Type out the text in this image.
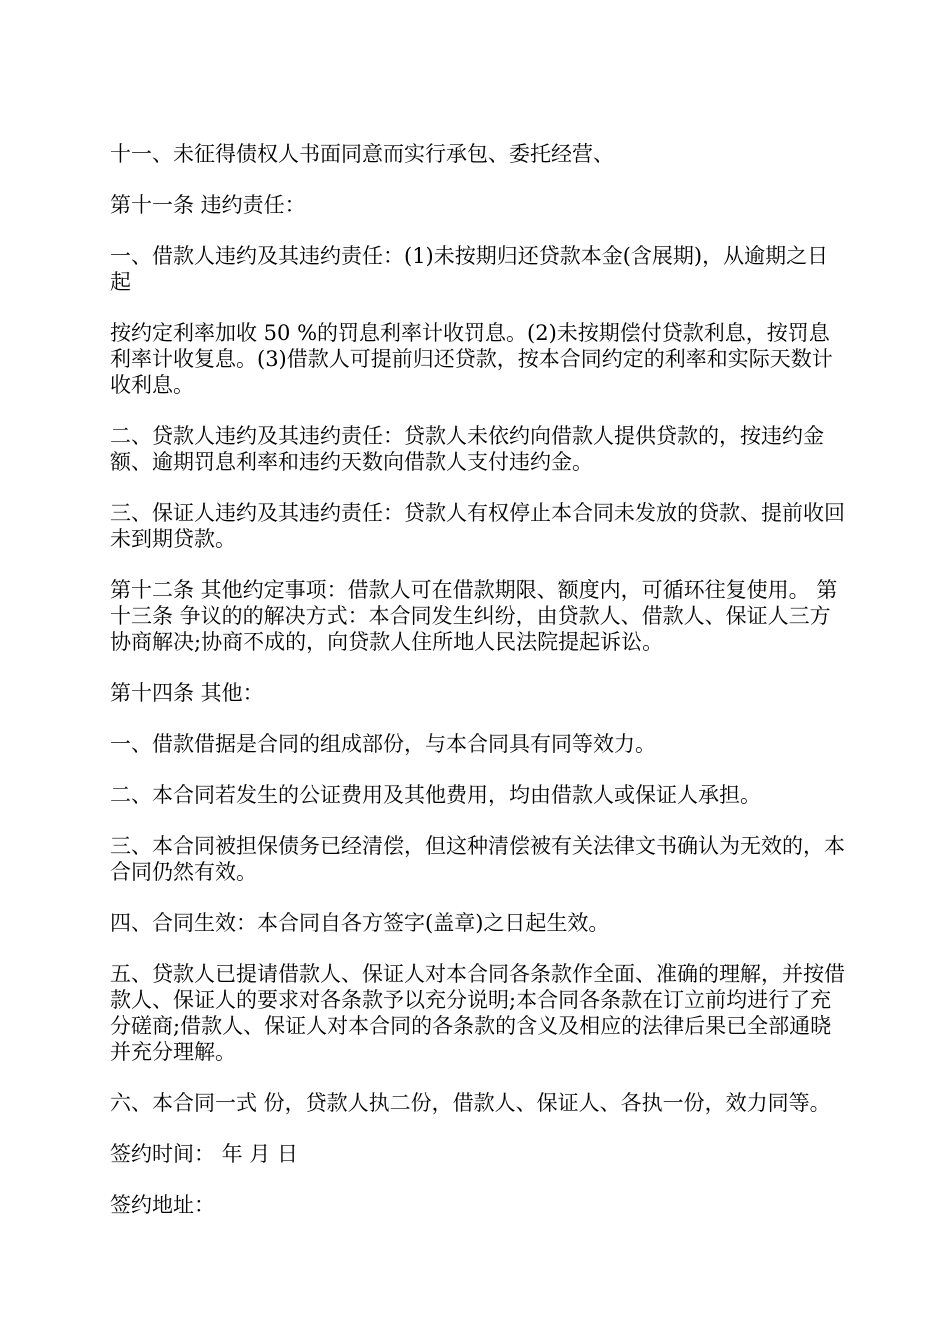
十一、未征得债权人书面同意而实行承包、委托经营、

第十一条 违约责任：

一、借款人违约及其违约责任：(1)未按期归还贷款本金(含展期)，从逾期之日起

按约定利率加收 50 %的罚息利率计收罚息。(2)未按期偿付贷款利息，按罚息利率计收复息。(3)借款人可提前归还贷款，按本合同约定的利率和实际天数计收利息。

二、贷款人违约及其违约责任：贷款人未依约向借款人提供贷款的，按违约金额、逾期罚息利率和违约天数向借款人支付违约金。

三、保证人违约及其违约责任：贷款人有权停止本合同未发放的贷款、提前收回未到期贷款。

第十二条 其他约定事项：借款人可在借款期限、额度内，可循环往复使用。 第十三条 争议的的解决方式：本合同发生纠纷，由贷款人、借款人、保证人三方协商解决;协商不成的，向贷款人住所地人民法院提起诉讼。

第十四条 其他：

一、借款借据是合同的组成部份，与本合同具有同等效力。

二、本合同若发生的公证费用及其他费用，均由借款人或保证人承担。

三、本合同被担保债务已经清偿，但这种清偿被有关法律文书确认为无效的，本合同仍然有效。

四、合同生效：本合同自各方签字(盖章)之日起生效。

五、贷款人已提请借款人、保证人对本合同各条款作全面、准确的理解，并按借款人、保证人的要求对各条款予以充分说明;本合同各条款在订立前均进行了充分磋商;借款人、保证人对本合同的各条款的含义及相应的法律后果已全部通晓并充分理解。

六、本合同一式 份，贷款人执二份，借款人、保证人、各执一份，效力同等。

签约时间： 年 月 日

签约地址：
